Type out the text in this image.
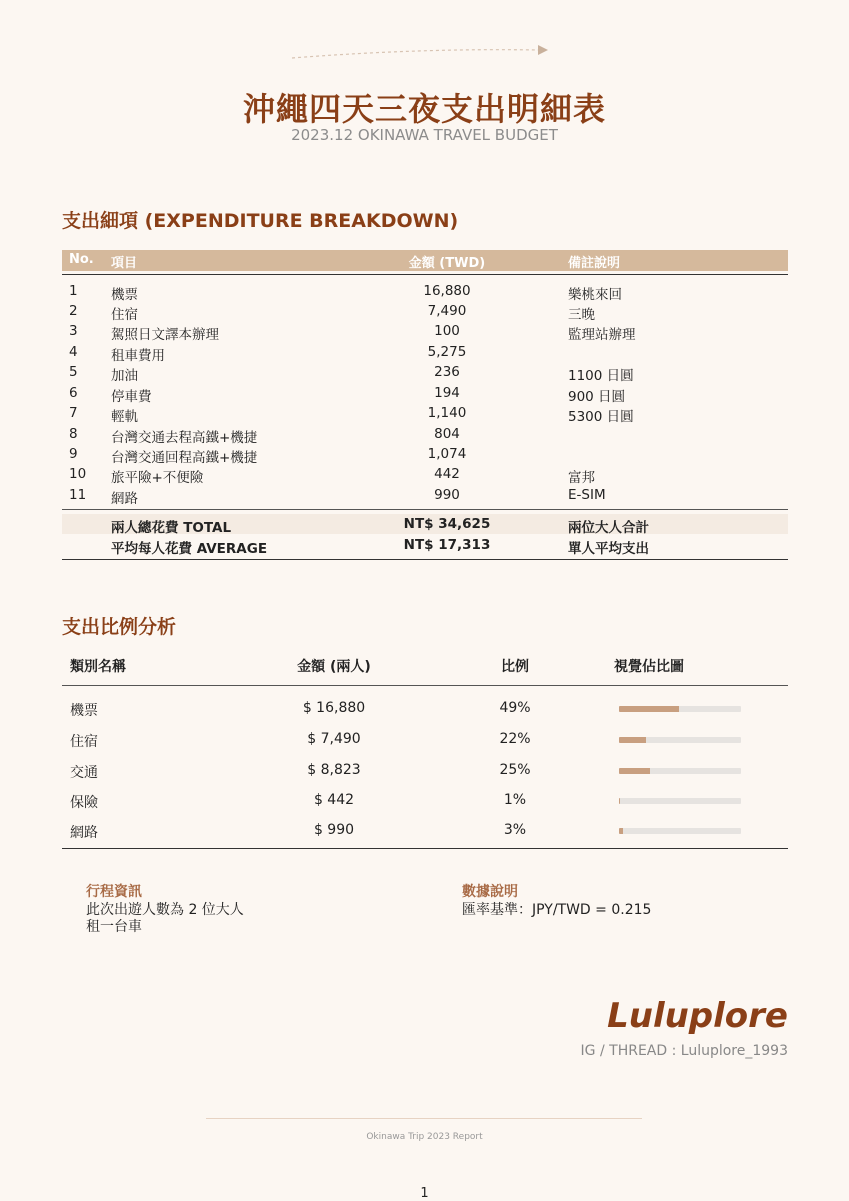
沖繩四天三夜支出明細表
2023.12 OKINAWA TRAVEL BUDGET
支出細項 (EXPENDITURE BREAKDOWN)
No. 項目	金額 (TWD)	備註說明
1 機票	16,880	樂桃來回
2 住宿	7,490	三晚
3 駕照日文譯本辦理	100	監理站辦理
4 租車費用	5,275
5 加油	236	1100 日圓
6 停車費	194	900 日圓
7 輕軌	1,140	5300 日圓
8 台灣交通去程高鐵+機捷	804
9 台灣交通回程高鐵+機捷	1,074
10 旅平險+不便險	442	富邦
11 網路	990	E-SIM
兩人總花費 TOTAL	NT$ 34,625	兩位大人合計
平均每人花費 AVERAGE	NT$ 17,313	單人平均支出
支出比例分析
類別名稱	金額 (兩人)	比例	視覺佔比圖
機票	$ 16,880	49%
住宿	$ 7,490	22%
交通	$ 8,823	25%
保險	$ 442	1%
網路	$ 990	3%
行程資訊
此次出遊人數為 2 位大人
租一台車
數據說明
匯率基準：JPY/TWD = 0.215
Luluplore
IG / THREAD : Luluplore_1993
Okinawa Trip 2023 Report
1
